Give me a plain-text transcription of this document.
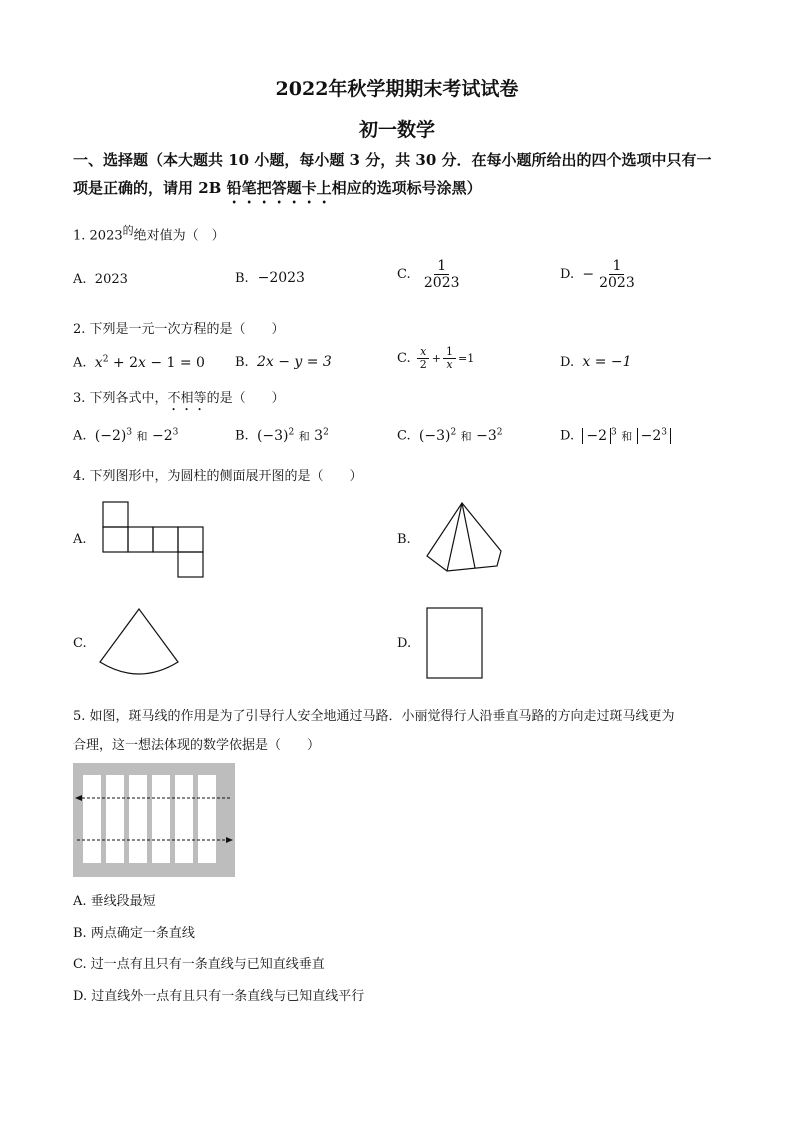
2022年秋学期期末考试试卷
初一数学
一、选择题（本大题共 10 小题，每小题 3 分，共 30 分．在每小题所给出的四个选项中只有一
项是正确的，请用 2B 铅笔把答题卡上相应的选项标号涂黑）
1. $2023^的$绝对值为（　）
A. 2023	B. −2023	C. $\frac{1}{2023}$	D. − $\frac{1}{2023}$
2. 下列是一元一次方程的是（　　）
A. $x^2 + 2x - 1 = 0$ B. 2x − y = 3	C. $\frac{x}{2} + \frac{1}{x} =1$	D. x = −1
3. 下列各式中，不相等的是（　　）
A. $(-2)^3$ 和 $-2^3$	B. $(-3)^2$ 和 $3^2$	C. $(-3)^2$ 和 $-3^2$	D. −2 $^3$ 和 $-2^3$
4. 下列图形中，为圆柱的侧面展开图的是（　　）
A.	B.
C.	D.
5. 如图，斑马线的作用是为了引导行人安全地通过马路．小丽觉得行人沿垂直马路的方向走过斑马线更为
合理，这一想法体现的数学依据是（　　）
A. 垂线段最短
B. 两点确定一条直线
C. 过一点有且只有一条直线与已知直线垂直
D. 过直线外一点有且只有一条直线与已知直线平行
